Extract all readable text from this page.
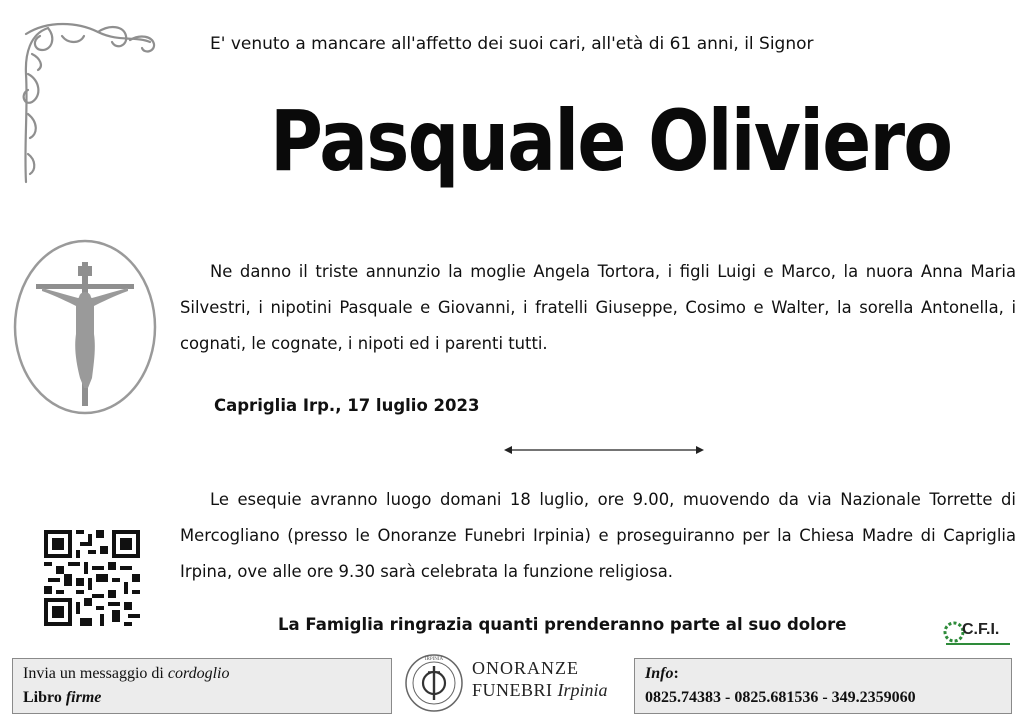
E' venuto a mancare all'affetto dei suoi cari, all'età di 61 anni, il Signor
Pasquale Oliviero
Ne danno il triste annunzio la moglie Angela Tortora, i figli Luigi e Marco, la nuora Anna Maria Silvestri, i nipotini Pasquale e Giovanni, i fratelli Giuseppe, Cosimo e Walter, la sorella Antonella, i cognati, le cognate, i nipoti ed i parenti tutti.
Capriglia Irp., 17 luglio 2023
Le esequie avranno luogo domani 18 luglio, ore 9.00, muovendo da via Nazionale Torrette di Mercogliano (presso le Onoranze Funebri Irpinia) e proseguiranno per la Chiesa Madre di Capriglia Irpina, ove alle ore 9.30 sarà celebrata la funzione religiosa.
La Famiglia ringrazia quanti prenderanno parte al suo dolore	C.F.I.
Invia un messaggio di cordoglio
Libro firme
IRPINIA ONORANZE
FUNEBRI Irpinia
Info:
0825.74383 - 0825.681536 - 349.2359060
